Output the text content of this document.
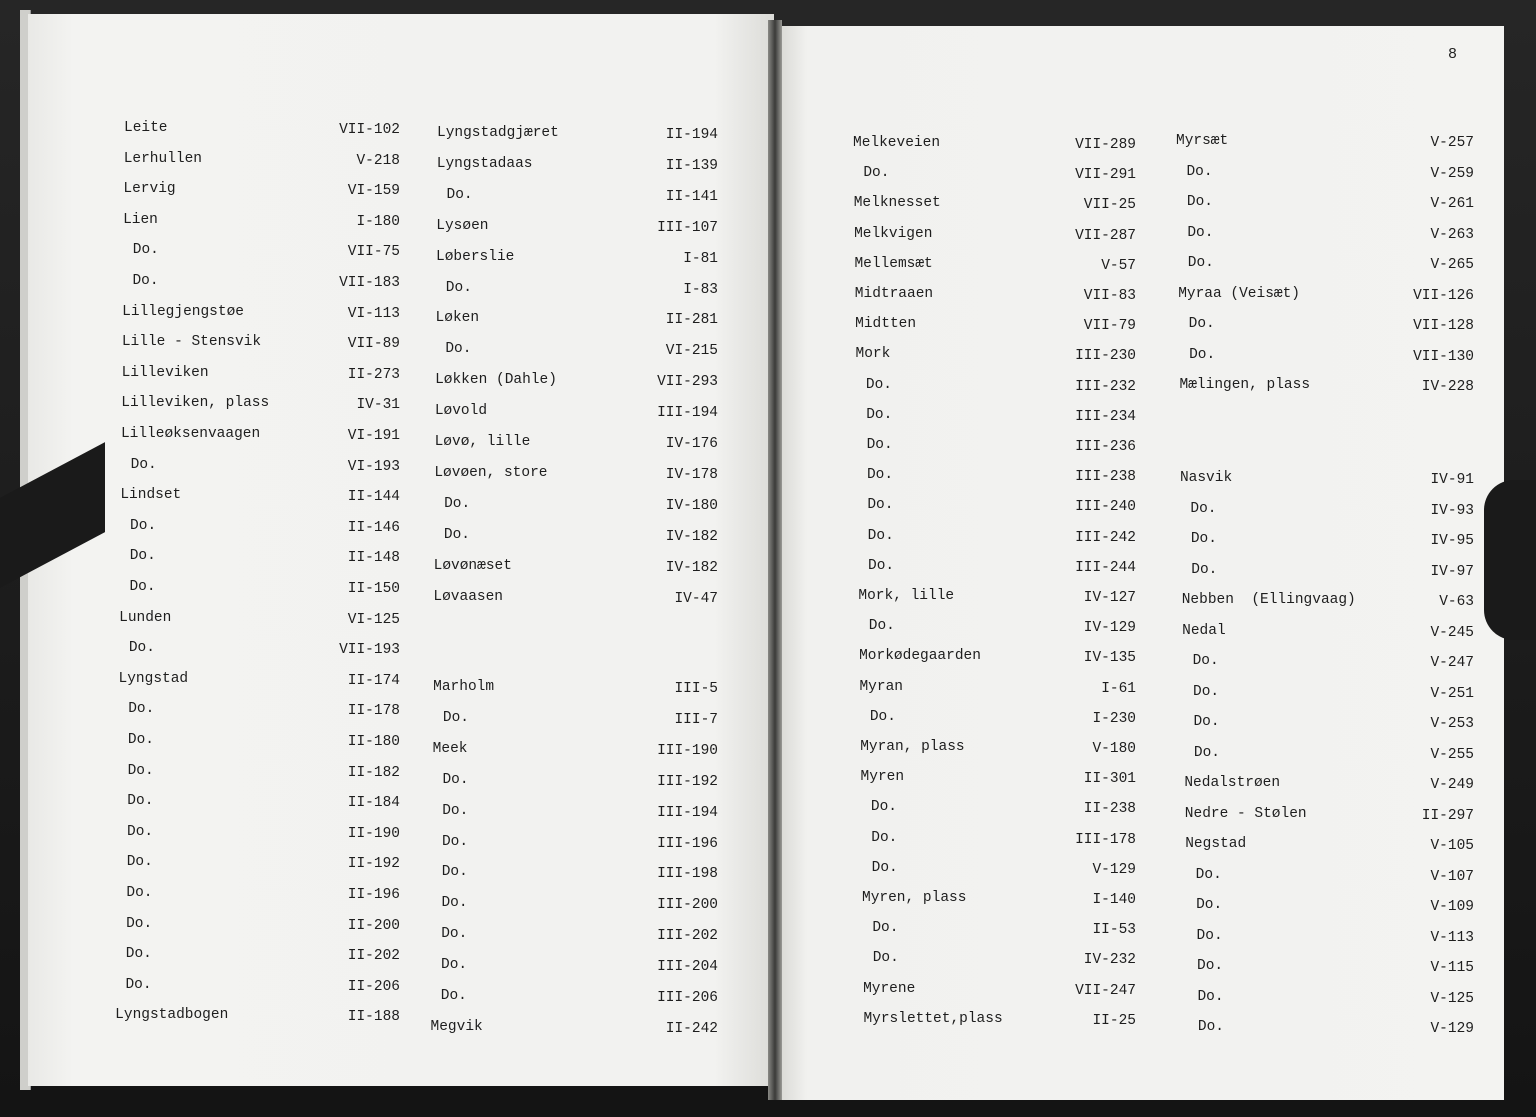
8
Leite	VII-102
Lerhullen	V-218
Lervig	VI-159
Lien	I-180
Do.	VII-75
Do.	VII-183
Lillegjengstøe	VI-113
Lille - Stensvik	VII-89
Lilleviken	II-273
Lilleviken, plass	IV-31
Lilleøksenvaagen	VI-191
Do.	VI-193
Lindset	II-144
Do.	II-146
Do.	II-148
Do.	II-150
Lunden	VI-125
Do.	VII-193
Lyngstad	II-174
Do.	II-178
Do.	II-180
Do.	II-182
Do.	II-184
Do.	II-190
Do.	II-192
Do.	II-196
Do.	II-200
Do.	II-202
Do.	II-206
Lyngstadbogen	II-188
Lyngstadgjæret	II-194
Lyngstadaas	II-139
Do.	II-141
Lysøen	III-107
Løberslie	I-81
Do.	I-83
Løken	II-281
Do.	VI-215
Løkken (Dahle)	VII-293
Løvold	III-194
Løvø, lille	IV-176
Løvøen, store	IV-178
Do.	IV-180
Do.	IV-182
Løvønæset	IV-182
Løvaasen	IV-47
Marholm	III-5
Do.	III-7
Meek	III-190
Do.	III-192
Do.	III-194
Do.	III-196
Do.	III-198
Do.	III-200
Do.	III-202
Do.	III-204
Do.	III-206
Megvik	II-242
Melkeveien	VII-289
Do.	VII-291
Melknesset	VII-25
Melkvigen	VII-287
Mellemsæt	V-57
Midtraaen	VII-83
Midtten	VII-79
Mork	III-230
Do.	III-232
Do.	III-234
Do.	III-236
Do.	III-238
Do.	III-240
Do.	III-242
Do.	III-244
Mork, lille	IV-127
Do.	IV-129
Morkødegaarden	IV-135
Myran	I-61
Do.	I-230
Myran, plass	V-180
Myren	II-301
Do.	II-238
Do.	III-178
Do.	V-129
Myren, plass	I-140
Do.	II-53
Do.	IV-232
Myrene	VII-247
Myrslettet,plass	II-25
Myrsæt	V-257
Do.	V-259
Do.	V-261
Do.	V-263
Do.	V-265
Myraa (Veisæt)	VII-126
Do.	VII-128
Do.	VII-130
Mælingen, plass	IV-228
Nasvik	IV-91
Do.	IV-93
Do.	IV-95
Do.	IV-97
Nebben  (Ellingvaag)	V-63
Nedal	V-245
Do.	V-247
Do.	V-251
Do.	V-253
Do.	V-255
Nedalstrøen	V-249
Nedre - Stølen	II-297
Negstad	V-105
Do.	V-107
Do.	V-109
Do.	V-113
Do.	V-115
Do.	V-125
Do.	V-129
